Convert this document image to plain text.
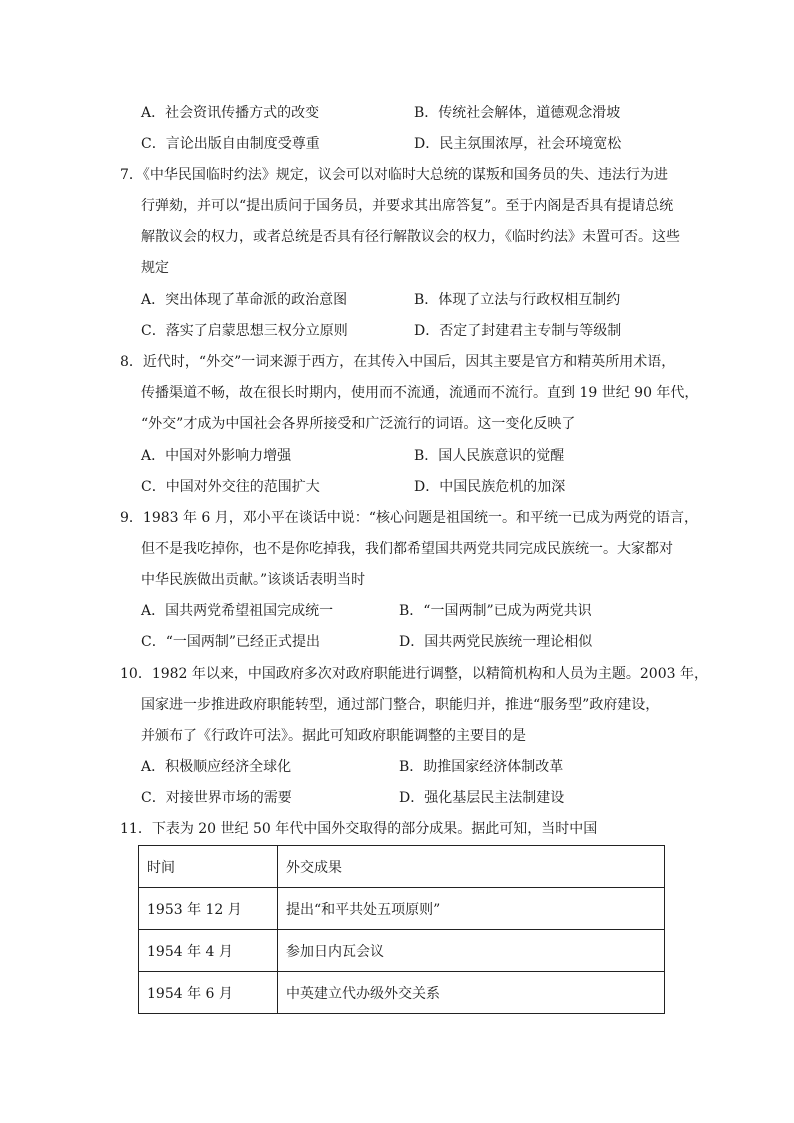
A．社会资讯传播方式的改变	B．传统社会解体，道德观念滑坡
C．言论出版自由制度受尊重	D．民主氛围浓厚，社会环境宽松
7．《中华民国临时约法》规定，议会可以对临时大总统的谋叛和国务员的失、违法行为进
行弹劾，并可以“提出质问于国务员，并要求其出席答复”。至于内阁是否具有提请总统
解散议会的权力，或者总统是否具有径行解散议会的权力，《临时约法》未置可否。这些
规定
A．突出体现了革命派的政治意图	B．体现了立法与行政权相互制约
C．落实了启蒙思想三权分立原则	D．否定了封建君主专制与等级制
8．近代时，“外交”一词来源于西方，在其传入中国后，因其主要是官方和精英所用术语，
传播渠道不畅，故在很长时期内，使用而不流通，流通而不流行。直到 19 世纪 90 年代，
“外交”才成为中国社会各界所接受和广泛流行的词语。这一变化反映了
A．中国对外影响力增强	B．国人民族意识的觉醒
C．中国对外交往的范围扩大	D．中国民族危机的加深
9．1983 年 6 月，邓小平在谈话中说：“核心问题是祖国统一。和平统一已成为两党的语言，
但不是我吃掉你，也不是你吃掉我，我们都希望国共两党共同完成民族统一。大家都对
中华民族做出贡献。”该谈话表明当时
A．国共两党希望祖国完成统一	B．“一国两制”已成为两党共识
C．“一国两制”已经正式提出	D．国共两党民族统一理论相似
10．1982 年以来，中国政府多次对政府职能进行调整，以精简机构和人员为主题。2003 年，
国家进一步推进政府职能转型，通过部门整合，职能归并，推进“服务型”政府建设，
并颁布了《行政许可法》。据此可知政府职能调整的主要目的是
A．积极顺应经济全球化	B．助推国家经济体制改革
C．对接世界市场的需要	D．强化基层民主法制建设
11．下表为 20 世纪 50 年代中国外交取得的部分成果。据此可知，当时中国
时间	外交成果
1953 年 12 月	提出“和平共处五项原则”
1954 年 4 月	参加日内瓦会议
1954 年 6 月	中英建立代办级外交关系
